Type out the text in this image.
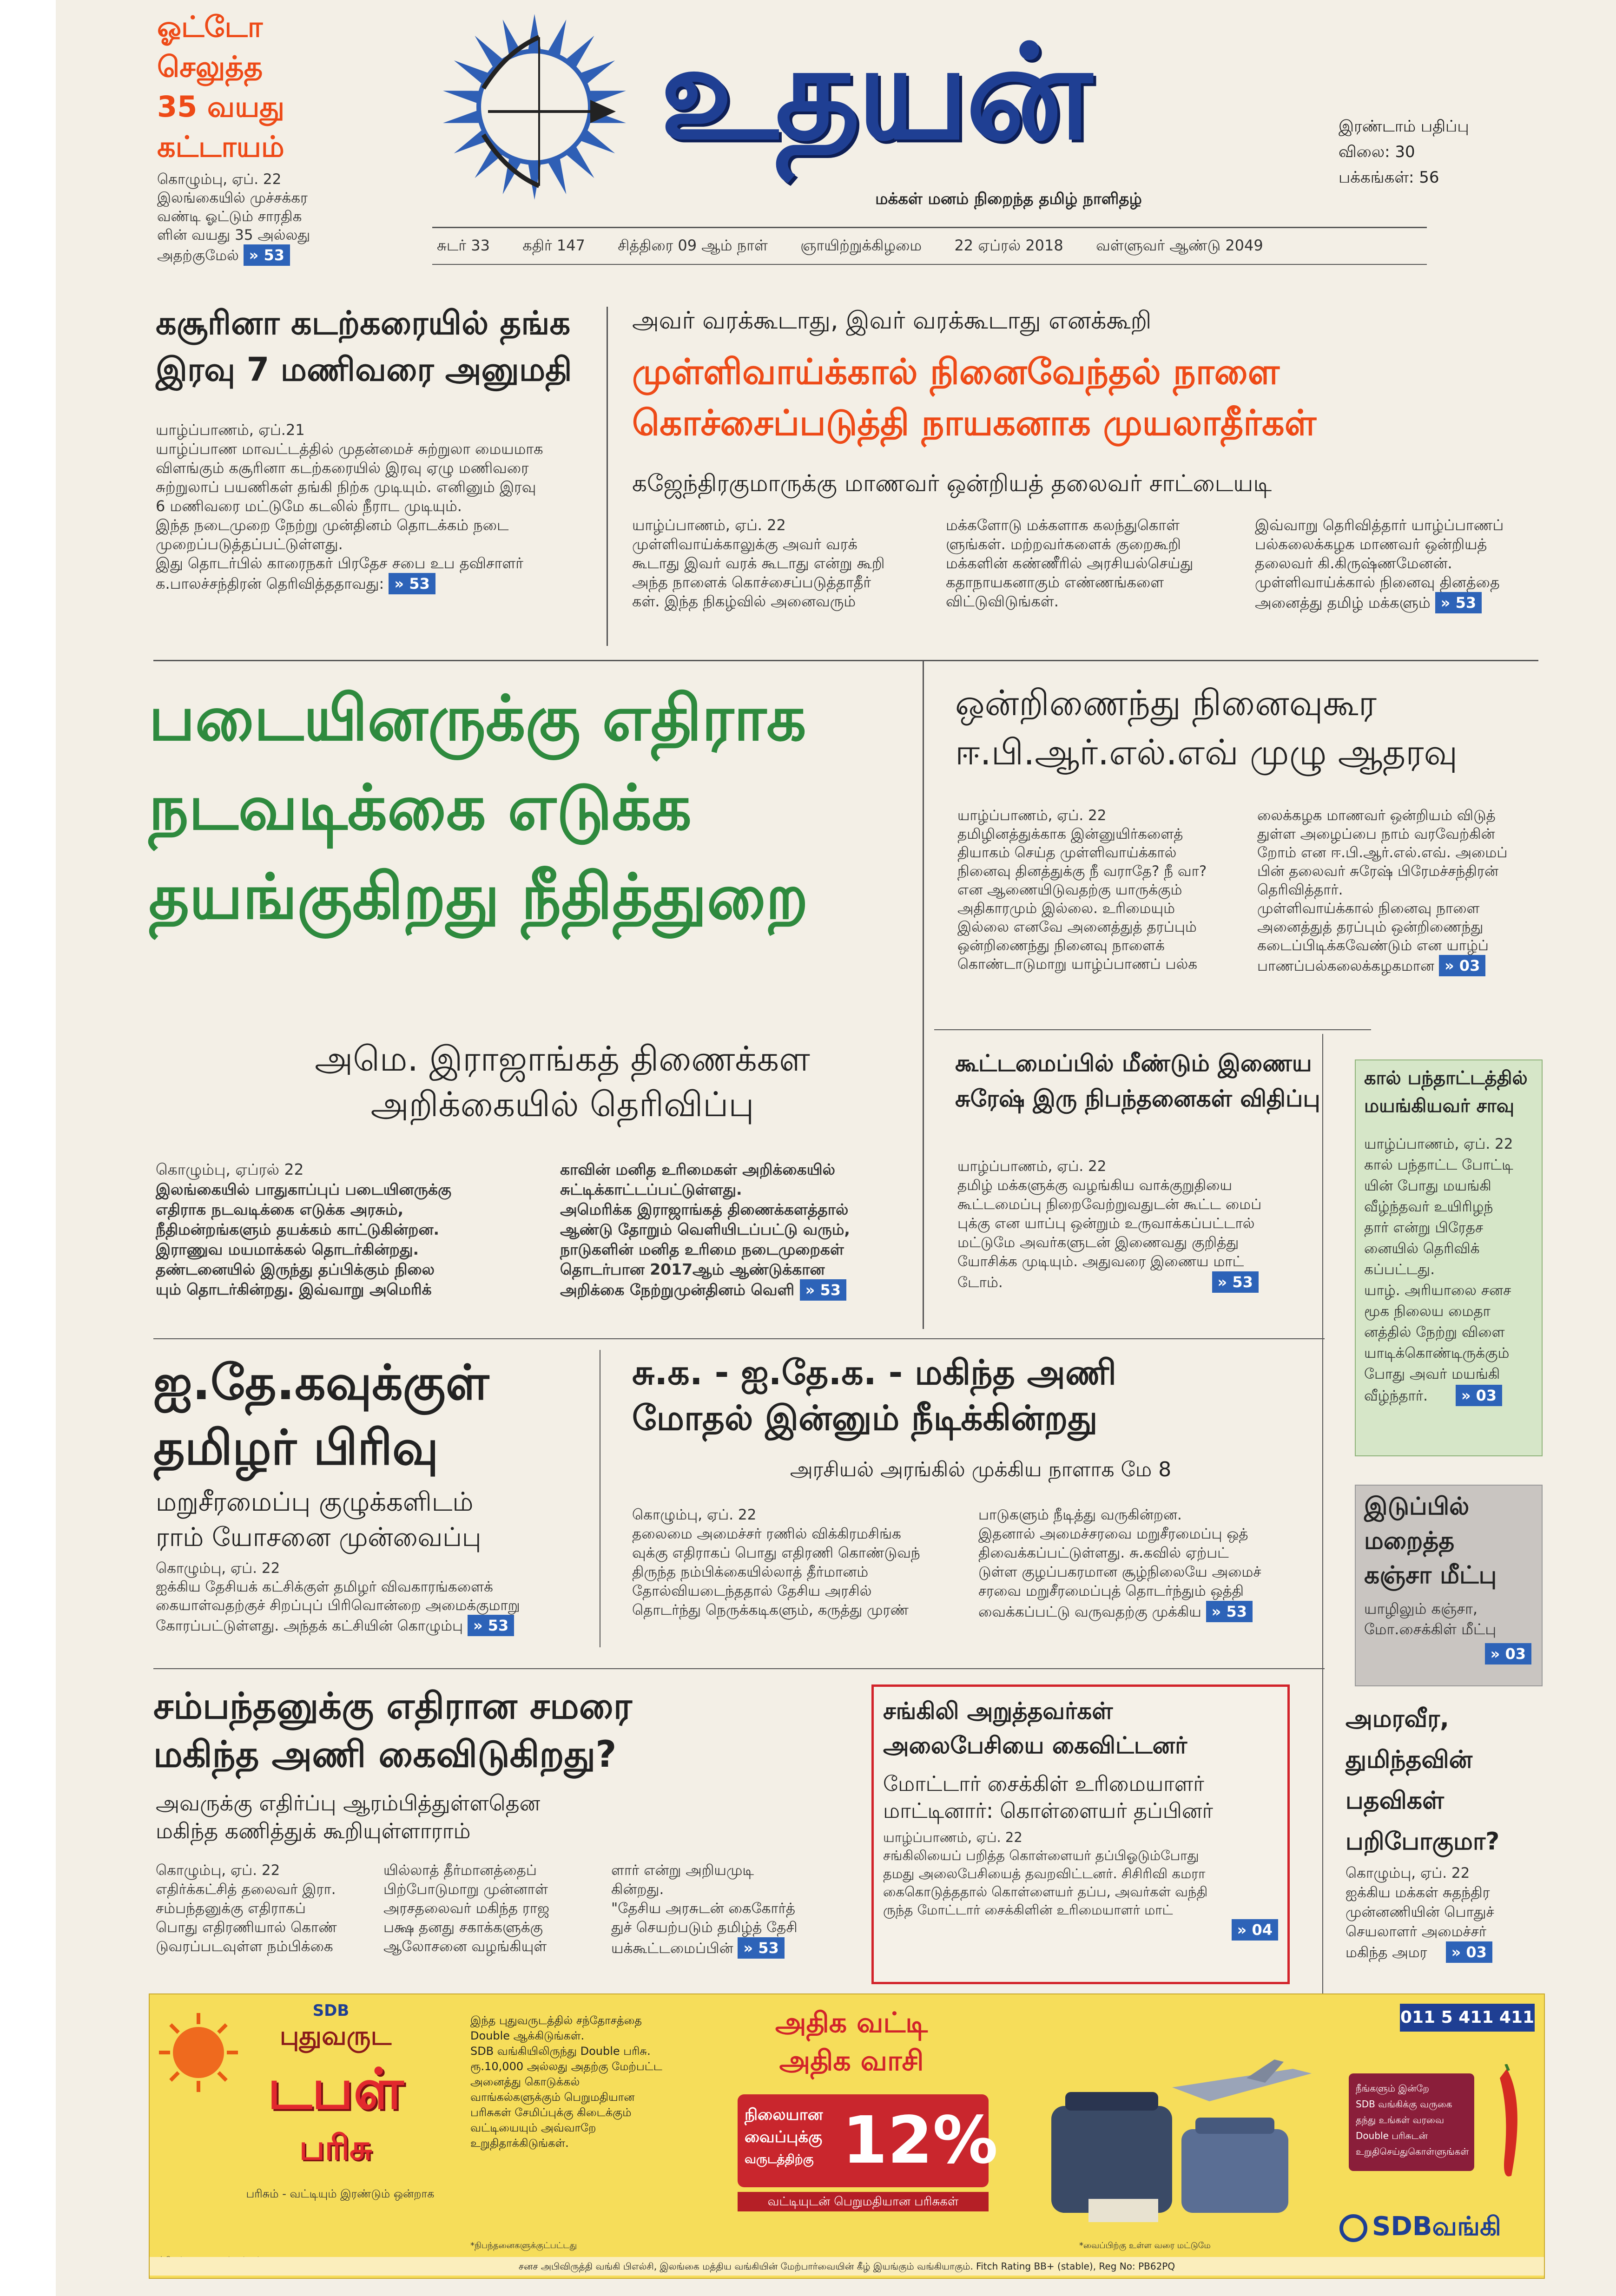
ஓட்டோ
செலுத்த
35 வயது
கட்டாயம்

கொழும்பு, ஏப். 22

இலங்கையில் முச்சக்கர

வண்டி ஓட்டும் சாரதிக

ளின் வயது 35 அல்லது

அதற்குமேல் » 53

உதயன்
மக்கள் மனம் நிறைந்த தமிழ் நாளிதழ்
இரண்டாம் பதிப்பு
விலை: 30
பக்கங்கள்: 56
சுடர் 33 கதிர் 147 சித்திரை 09 ஆம் நாள் ஞாயிற்றுக்கிழமை 22 ஏப்ரல் 2018 வள்ளுவர் ஆண்டு 2049
கசூரினா கடற்கரையில் தங்க
இரவு 7 மணிவரை அனுமதி

யாழ்ப்பாணம், ஏப்.21

யாழ்ப்பாண மாவட்டத்தில் முதன்மைச் சுற்றுலா மையமாக

விளங்கும் கசூரினா கடற்கரையில் இரவு ஏழு மணிவரை

சுற்றுலாப் பயணிகள் தங்கி நிற்க முடியும். எனினும் இரவு

6 மணிவரை மட்டுமே கடலில் நீராட முடியும்.

இந்த நடைமுறை நேற்று முன்தினம் தொடக்கம் நடை

முறைப்படுத்தப்பட்டுள்ளது.

இது தொடர்பில் காரைநகர் பிரதேச சபை உப தவிசாளர்

க.பாலச்சந்திரன் தெரிவித்ததாவது: » 53

அவர் வரக்கூடாது, இவர் வரக்கூடாது எனக்கூறி
முள்ளிவாய்க்கால் நினைவேந்தல் நாளை
கொச்சைப்படுத்தி நாயகனாக முயலாதீர்கள்
கஜேந்திரகுமாருக்கு மாணவர் ஒன்றியத் தலைவர் சாட்டையடி

யாழ்ப்பாணம், ஏப். 22

முள்ளிவாய்க்காலுக்கு அவர் வரக்

கூடாது இவர் வரக் கூடாது என்று கூறி

அந்த நாளைக் கொச்சைப்படுத்தாதீர்

கள். இந்த நிகழ்வில் அனைவரும்

மக்களோடு மக்களாக கலந்துகொள்

ளுங்கள். மற்றவர்களைக் குறைகூறி

மக்களின் கண்ணீரில் அரசியல்செய்து

கதாநாயகனாகும் எண்ணங்களை

விட்டுவிடுங்கள்.

இவ்வாறு தெரிவித்தார் யாழ்ப்பாணப்

பல்கலைக்கழக மாணவர் ஒன்றியத்

தலைவர் கி.கிருஷ்ணமேனன்.

முள்ளிவாய்க்கால் நினைவு தினத்தை

அனைத்து தமிழ் மக்களும் » 53

படையினருக்கு எதிராக
நடவடிக்கை எடுக்க
தயங்குகிறது நீதித்துறை
அமெ. இராஜாங்கத் திணைக்கள
அறிக்கையில் தெரிவிப்பு

கொழும்பு, ஏப்ரல் 22

இலங்கையில் பாதுகாப்புப் படையினருக்கு

எதிராக நடவடிக்கை எடுக்க அரசும்,

நீதிமன்றங்களும் தயக்கம் காட்டுகின்றன.

இராணுவ மயமாக்கல் தொடர்கின்றது.

தண்டனையில் இருந்து தப்பிக்கும் நிலை

யும் தொடர்கின்றது. இவ்வாறு அமெரிக்

காவின் மனித உரிமைகள் அறிக்கையில்

சுட்டிக்காட்டப்பட்டுள்ளது.

அமெரிக்க இராஜாங்கத் திணைக்களத்தால்

ஆண்டு தோறும் வெளியிடப்பட்டு வரும்,

நாடுகளின் மனித உரிமை நடைமுறைகள்

தொடர்பான 2017ஆம் ஆண்டுக்கான

அறிக்கை நேற்றுமுன்தினம் வெளி » 53

ஒன்றிணைந்து நினைவுகூர
ஈ.பி.ஆர்.எல்.எவ் முழு ஆதரவு

யாழ்ப்பாணம், ஏப். 22

தமிழினத்துக்காக இன்னுயிர்களைத்

தியாகம் செய்த முள்ளிவாய்க்கால்

நினைவு தினத்துக்கு நீ வராதே? நீ வா?

என ஆணையிடுவதற்கு யாருக்கும்

அதிகாரமும் இல்லை. உரிமையும்

இல்லை எனவே அனைத்துத் தரப்பும்

ஒன்றிணைந்து நினைவு நாளைக்

கொண்டாடுமாறு யாழ்ப்பாணப் பல்க

லைக்கழக மாணவர் ஒன்றியம் விடுத்

துள்ள அழைப்பை நாம் வரவேற்கின்

றோம் என ஈ.பி.ஆர்.எல்.எவ். அமைப்

பின் தலைவர் சுரேஷ் பிரேமச்சந்திரன்

தெரிவித்தார்.

முள்ளிவாய்க்கால் நினைவு நாளை

அனைத்துத் தரப்பும் ஒன்றிணைந்து

கடைப்பிடிக்கவேண்டும் என யாழ்ப்

பாணப்பல்கலைக்கழகமான » 03

கூட்டமைப்பில் மீண்டும் இணைய
சுரேஷ் இரு நிபந்தனைகள் விதிப்பு

யாழ்ப்பாணம், ஏப். 22

தமிழ் மக்களுக்கு வழங்கிய வாக்குறுதியை

கூட்டமைப்பு நிறைவேற்றுவதுடன் கூட்ட மைப்

புக்கு என யாப்பு ஒன்றும் உருவாக்கப்பட்டால்

மட்டுமே அவர்களுடன் இணைவது குறித்து

யோசிக்க முடியும். அதுவரை இணைய மாட்

டோம்.	» 53

கால் பந்தாட்டத்தில்
மயங்கியவர் சாவு

யாழ்ப்பாணம், ஏப். 22

கால் பந்தாட்ட போட்டி

யின் போது மயங்கி

வீழ்ந்தவர் உயிரிழந்

தார் என்று பிரேதச

னையில் தெரிவிக்

கப்பட்டது.

யாழ். அரியாலை சனச

மூக நிலைய மைதா

னத்தில் நேற்று விளை

யாடிக்கொண்டிருக்கும்

போது அவர் மயங்கி

வீழ்ந்தார். » 03

ஐ.தே.கவுக்குள்
தமிழர் பிரிவு
மறுசீரமைப்பு குழுக்களிடம்
ராம் யோசனை முன்வைப்பு

கொழும்பு, ஏப். 22

ஐக்கிய தேசியக் கட்சிக்குள் தமிழர் விவகாரங்களைக்

கையாள்வதற்குச் சிறப்புப் பிரிவொன்றை அமைக்குமாறு

கோரப்பட்டுள்ளது. அந்தக் கட்சியின் கொழும்பு » 53

சு.க. - ஐ.தே.க. - மகிந்த அணி
மோதல் இன்னும் நீடிக்கின்றது
அரசியல் அரங்கில் முக்கிய நாளாக மே 8

கொழும்பு, ஏப். 22

தலைமை அமைச்சர் ரணில் விக்கிரமசிங்க

வுக்கு எதிராகப் பொது எதிரணி கொண்டுவந்

திருந்த நம்பிக்கையில்லாத் தீர்மானம்

தோல்வியடைந்ததால் தேசிய அரசில்

தொடர்ந்து நெருக்கடிகளும், கருத்து முரண்

பாடுகளும் நீடித்து வருகின்றன.

இதனால் அமைச்சரவை மறுசீரமைப்பு ஒத்

திவைக்கப்பட்டுள்ளது. சு.கவில் ஏற்பட்

டுள்ள குழப்பகரமான சூழ்நிலையே அமைச்

சரவை மறுசீரமைப்புத் தொடர்ந்தும் ஒத்தி

வைக்கப்பட்டு வருவதற்கு முக்கிய » 53

இடுப்பில்
மறைத்த
கஞ்சா மீட்பு

யாழிலும் கஞ்சா,

மோ.சைக்கிள் மீட்பு

» 03

சம்பந்தனுக்கு எதிரான சமரை
மகிந்த அணி கைவிடுகிறது?
அவருக்கு எதிர்ப்பு ஆரம்பித்துள்ளதென
மகிந்த கணித்துக் கூறியுள்ளாராம்

கொழும்பு, ஏப். 22

எதிர்க்கட்சித் தலைவர் இரா.

சம்பந்தனுக்கு எதிராகப்

பொது எதிரணியால் கொண்

டுவரப்படவுள்ள நம்பிக்கை

யில்லாத் தீர்மானத்தைப்

பிற்போடுமாறு முன்னாள்

அரசதலைவர் மகிந்த ராஜ

பக்ஷ தனது சகாக்களுக்கு

ஆலோசனை வழங்கியுள்

ளார் என்று அறியமுடி

கின்றது.

"தேசிய அரசுடன் கைகோர்த்

துச் செயற்படும் தமிழ்த் தேசி

யக்கூட்டமைப்பின் » 53

சங்கிலி அறுத்தவர்கள்
அலைபேசியை கைவிட்டனர்
மோட்டார் சைக்கிள் உரிமையாளர்
மாட்டினார்: கொள்ளையர் தப்பினர்

யாழ்ப்பாணம், ஏப். 22

சங்கிலியைப் பறித்த கொள்ளையர் தப்பிஓடும்போது

தமது அலைபேசியைத் தவறவிட்டனர். சிசிரிவி கமரா

கைகொடுத்ததால் கொள்ளையர் தப்ப, அவர்கள் வந்தி

ருந்த மோட்டார் சைக்கிளின் உரிமையாளர் மாட்

» 04

அமரவீர,
துமிந்தவின்
பதவிகள்
பறிபோகுமா?

கொழும்பு, ஏப். 22

ஐக்கிய மக்கள் சுதந்திர

முன்னணியின் பொதுச்

செயலாளர் அமைச்சர்

மகிந்த அமர » 03

SDB
புதுவருட
டபள்
பரிசு
பரிசும் - வட்டியும் இரண்டும் ஒன்றாக
இந்த புதுவருடத்தில் சந்தோசத்தை
Double ஆக்கிடுங்கள்.
SDB வங்கியிலிருந்து Double பரிசு.
ரூ.10,000 அல்லது அதற்கு மேற்பட்ட
அனைத்து கொடுக்கல்
வாங்கல்களுக்கும் பெறுமதியான
பரிசுகள் சேமிப்புக்கு கிடைக்கும்
வட்டியையும் அவ்வாறே
உறுதிதாக்கிடுங்கள்.
அதிக வட்டி
அதிக வாசி
நிலையான
வைப்புக்கு
வருடத்திற்கு 12%
வட்டியுடன் பெறுமதியான பரிசுகள்
011 5 411 411
நீங்களும் இன்றே
SDB வங்கிக்கு வருகை
தந்து உங்கள் வரவை
Double பரிசுடன்
உறுதிசெய்துகொள்ளுங்கள்
SDBவங்கி
*நிபந்தனைகளுக்குட்பட்டது	*வைப்பிற்கு உள்ள வரை மட்டுமே
சனச அபிவிருத்தி வங்கி பிஎல்சி, இலங்கை மத்திய வங்கியின் மேற்பார்வையின் கீழ் இயங்கும் வங்கியாகும். Fitch Rating BB+ (stable), Reg No: PB62PQ
